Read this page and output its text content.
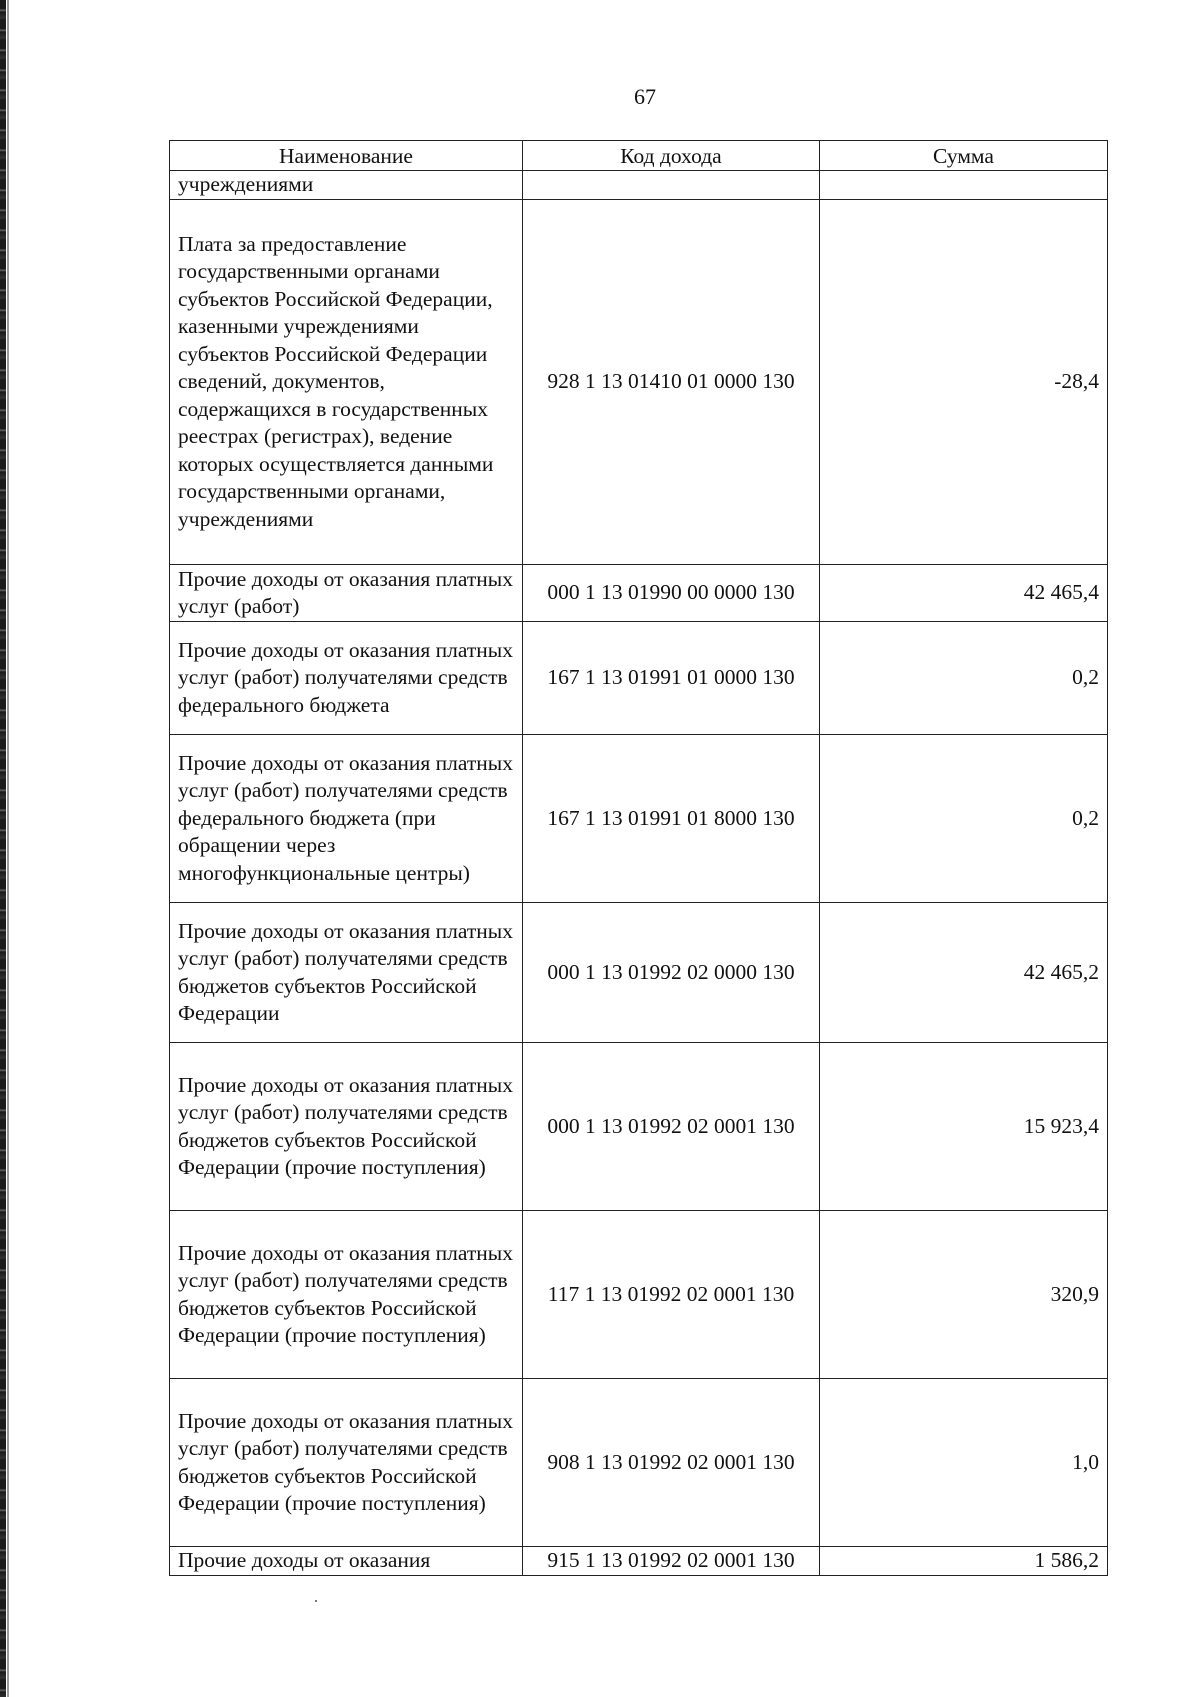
67
Наименование	Код дохода	Сумма
учреждениями		
Плата за предоставление государственными органами субъектов Российской Федерации, казенными учреждениями субъектов Российской Федерации сведений, документов, содержащихся в государственных реестрах (регистрах), ведение которых осуществляется данными государственными органами, учреждениями	928 1 13 01410 01 0000 130	-28,4
Прочие доходы от оказания платных услуг (работ)	000 1 13 01990 00 0000 130	42 465,4
Прочие доходы от оказания платных услуг (работ) получателями средств федерального бюджета	167 1 13 01991 01 0000 130	0,2
Прочие доходы от оказания платных услуг (работ) получателями средств федерального бюджета (при обращении через многофункциональные центры)	167 1 13 01991 01 8000 130	0,2
Прочие доходы от оказания платных услуг (работ) получателями средств бюджетов субъектов Российской Федерации	000 1 13 01992 02 0000 130	42 465,2
Прочие доходы от оказания платных услуг (работ) получателями средств бюджетов субъектов Российской Федерации (прочие поступления)	000 1 13 01992 02 0001 130	15 923,4
Прочие доходы от оказания платных услуг (работ) получателями средств бюджетов субъектов Российской Федерации (прочие поступления)	117 1 13 01992 02 0001 130	320,9
Прочие доходы от оказания платных услуг (работ) получателями средств бюджетов субъектов Российской Федерации (прочие поступления)	908 1 13 01992 02 0001 130	1,0
Прочие доходы от оказания	915 1 13 01992 02 0001 130	1 586,2
